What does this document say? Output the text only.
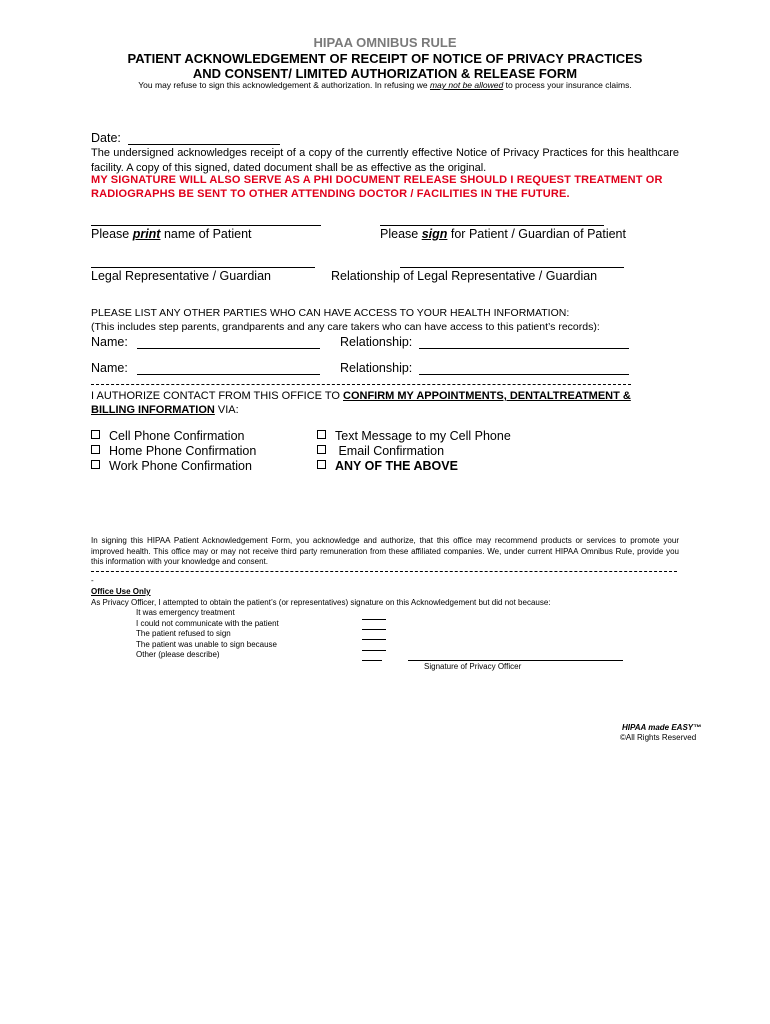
HIPAA OMNIBUS RULE
PATIENT ACKNOWLEDGEMENT OF RECEIPT OF NOTICE OF PRIVACY PRACTICES
AND CONSENT/ LIMITED AUTHORIZATION & RELEASE FORM
You may refuse to sign this acknowledgement & authorization. In refusing we may not be allowed to process your insurance claims.
Date:
The undersigned acknowledges receipt of a copy of the currently effective Notice of Privacy Practices for this healthcare facility. A copy of this signed, dated document shall be as effective as the original.
MY SIGNATURE WILL ALSO SERVE AS A PHI DOCUMENT RELEASE SHOULD I REQUEST TREATMENT OR RADIOGRAPHS BE SENT TO OTHER ATTENDING DOCTOR / FACILITIES IN THE FUTURE.
Please print name of Patient	Please sign for Patient / Guardian of Patient
Legal Representative / Guardian	Relationship of Legal Representative / Guardian
PLEASE LIST ANY OTHER PARTIES WHO CAN HAVE ACCESS TO YOUR HEALTH INFORMATION:
(This includes step parents, grandparents and any care takers who can have access to this patient’s records):
Name:	Relationship:
Name:	Relationship:
I AUTHORIZE CONTACT FROM THIS OFFICE TO CONFIRM MY APPOINTMENTS, DENTALTREATMENT &
BILLING INFORMATION VIA:
Cell Phone Confirmation
Home Phone Confirmation
Work Phone Confirmation
Text Message to my Cell Phone
Email Confirmation
ANY OF THE ABOVE
In signing this HIPAA Patient Acknowledgement Form, you acknowledge and authorize, that this office may recommend products or services to promote your improved health. This office may or may not receive third party remuneration from these affiliated companies. We, under current HIPAA Omnibus Rule, provide you this information with your knowledge and consent.
-
Office Use Only
As Privacy Officer, I attempted to obtain the patient’s (or representatives) signature on this Acknowledgement but did not because:
It was emergency treatment
I could not communicate with the patient
The patient refused to sign
The patient was unable to sign because
Other (please describe)
Signature of Privacy Officer
HIPAA made EASY™
©All Rights Reserved
